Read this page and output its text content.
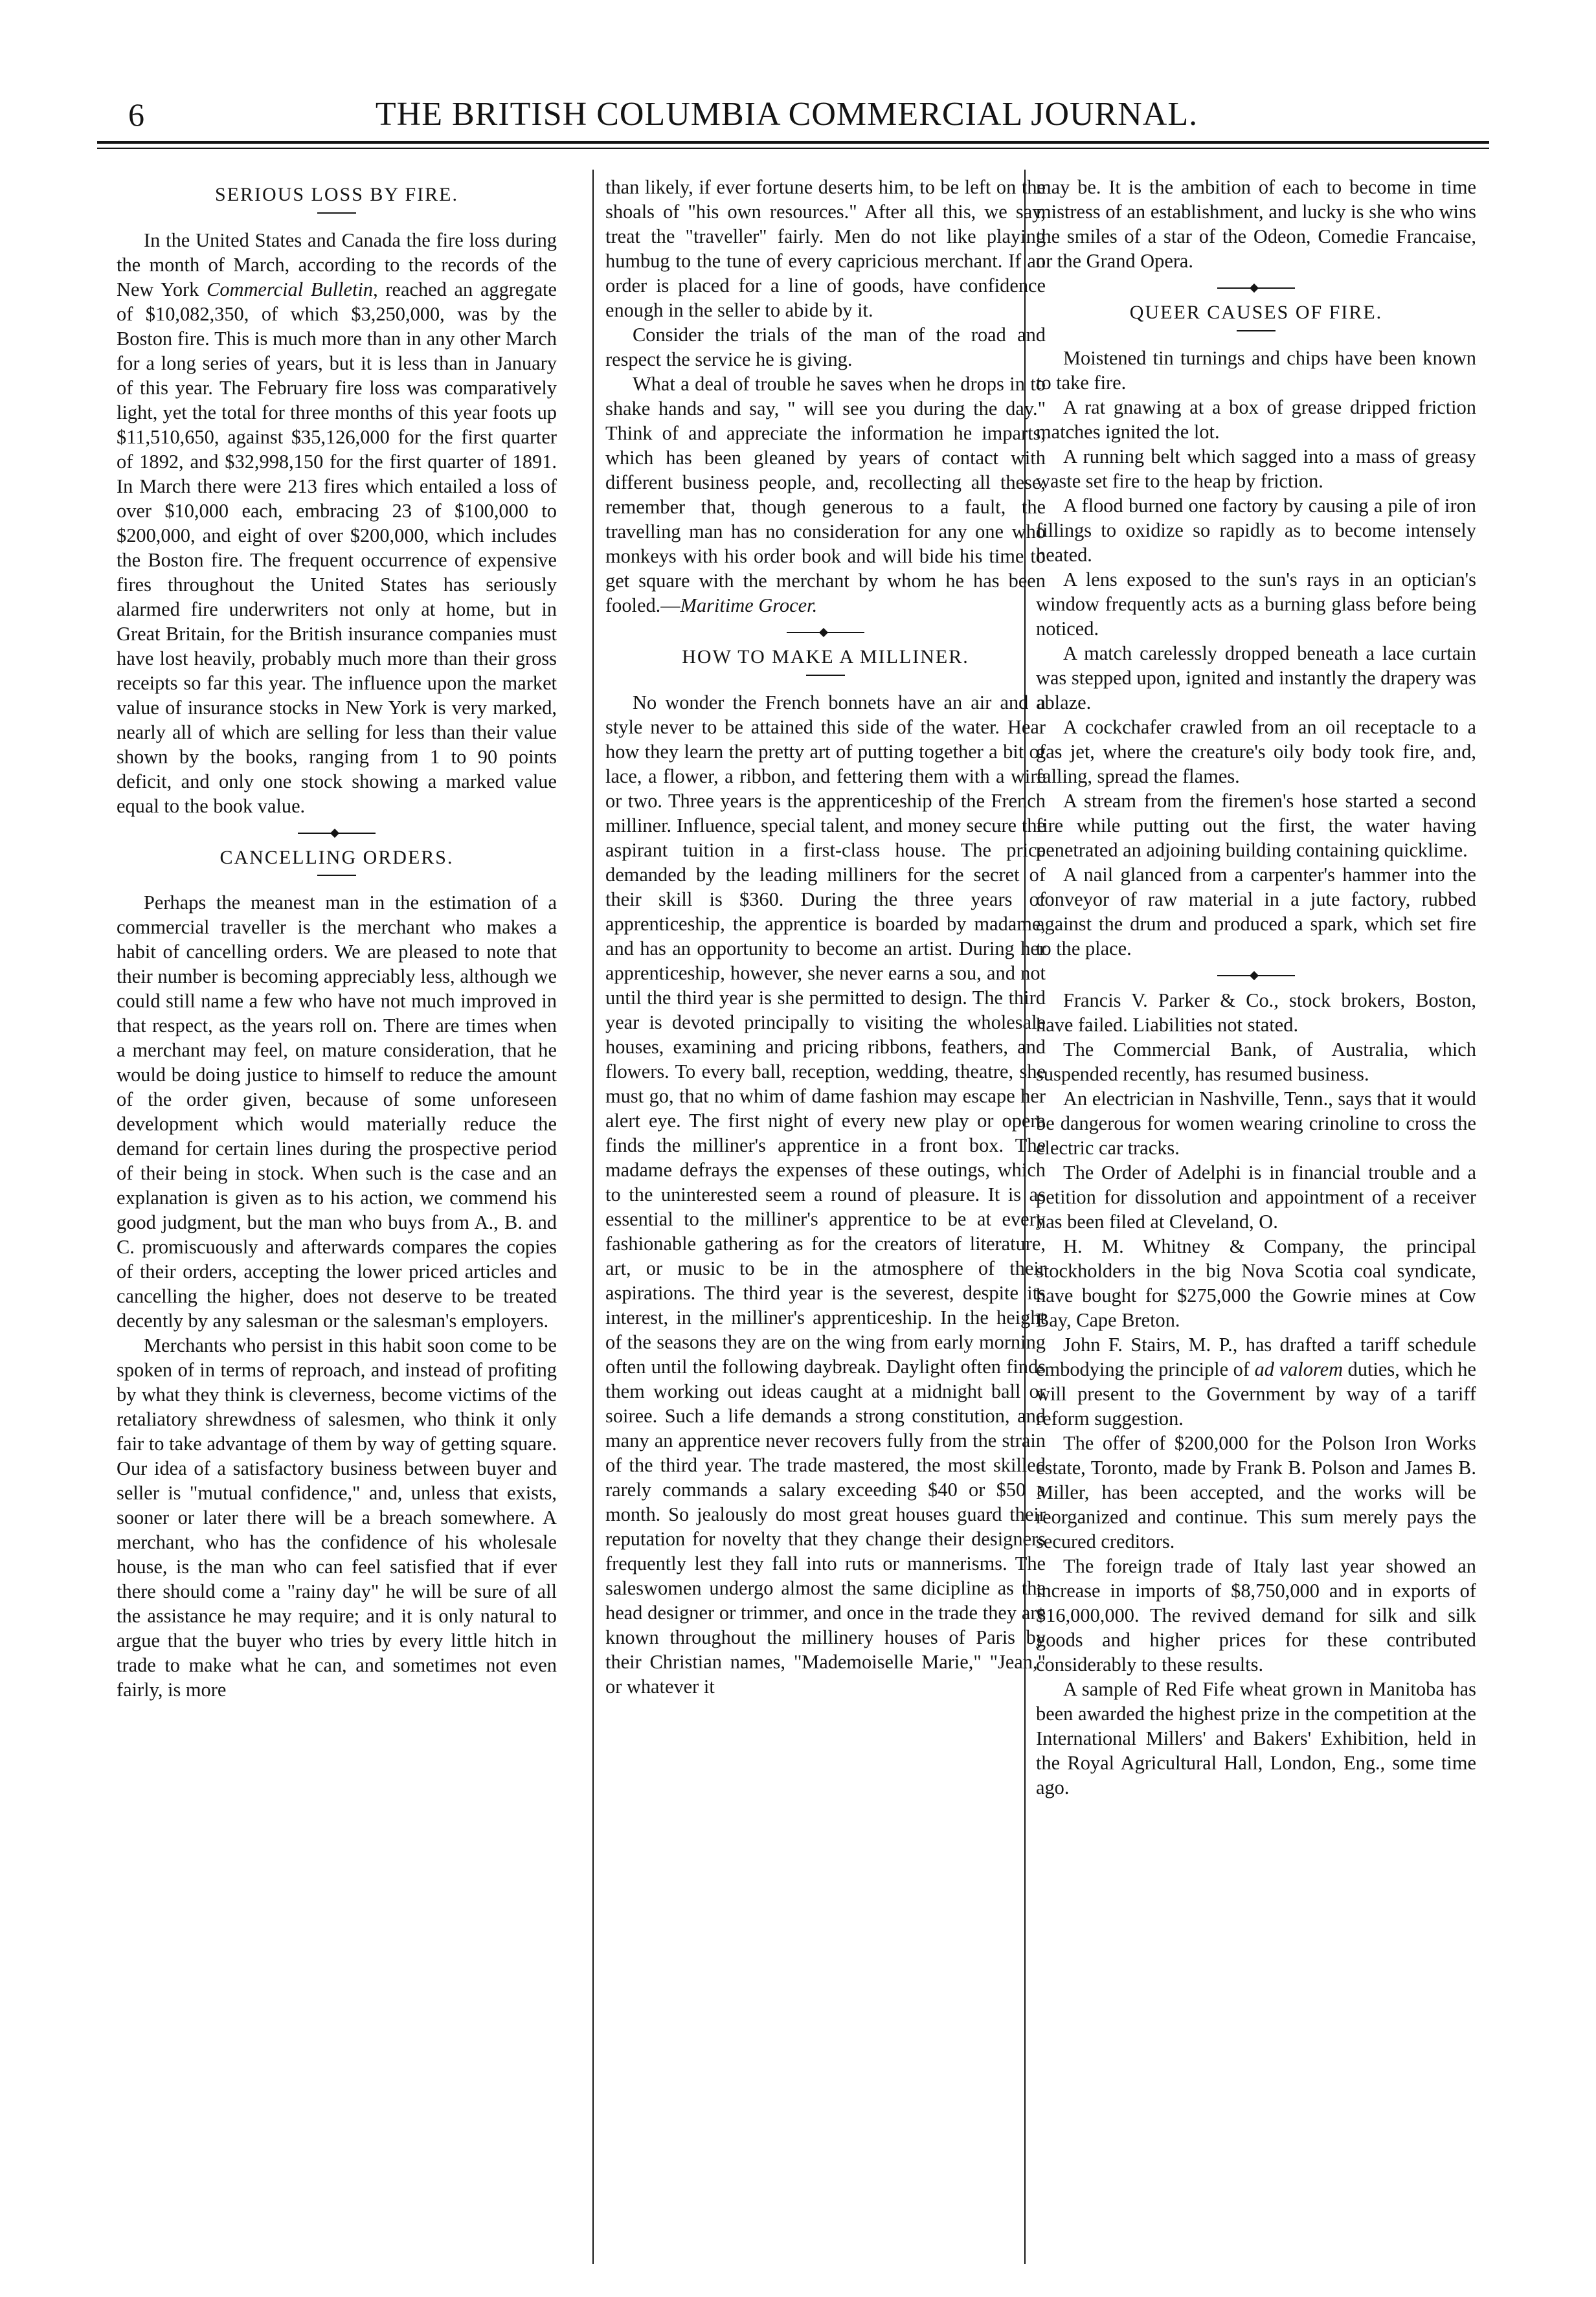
6	THE BRITISH COLUMBIA COMMERCIAL JOURNAL.
SERIOUS LOSS BY FIRE.

In the United States and Canada the fire loss during the month of March, according to the records of the New York Commercial Bulletin, reached an aggregate of $10,082,350, of which $3,250,000, was by the Boston fire. This is much more than in any other March for a long series of years, but it is less than in January of this year. The February fire loss was comparatively light, yet the total for three months of this year foots up $11,510,650, against $35,126,000 for the first quarter of 1892, and $32,998,150 for the first quarter of 1891. In March there were 213 fires which entailed a loss of over $10,000 each, embracing 23 of $100,000 to $200,000, and eight of over $200,000, which includes the Boston fire. The frequent occurrence of expensive fires throughout the United States has seriously alarmed fire underwriters not only at home, but in Great Britain, for the British insurance companies must have lost heavily, probably much more than their gross receipts so far this year. The influence upon the market value of insurance stocks in New York is very marked, nearly all of which are selling for less than their value shown by the books, ranging from 1 to 90 points deficit, and only one stock showing a marked value equal to the book value.

CANCELLING ORDERS.

Perhaps the meanest man in the estimation of a commercial traveller is the merchant who makes a habit of cancelling orders. We are pleased to note that their number is becoming appreciably less, although we could still name a few who have not much improved in that respect, as the years roll on. There are times when a merchant may feel, on mature consideration, that he would be doing justice to himself to reduce the amount of the order given, because of some unforeseen development which would materially reduce the demand for certain lines during the prospective period of their being in stock. When such is the case and an explanation is given as to his action, we commend his good judgment, but the man who buys from A., B. and C. promiscuously and afterwards compares the copies of their orders, accepting the lower priced articles and cancelling the higher, does not deserve to be treated decently by any salesman or the salesman's employers.

Merchants who persist in this habit soon come to be spoken of in terms of reproach, and instead of profiting by what they think is cleverness, become victims of the retaliatory shrewdness of salesmen, who think it only fair to take advantage of them by way of getting square. Our idea of a satisfactory business between buyer and seller is "mutual confidence," and, unless that exists, sooner or later there will be a breach somewhere. A merchant, who has the confidence of his wholesale house, is the man who can feel satisfied that if ever there should come a "rainy day" he will be sure of all the assistance he may require; and it is only natural to argue that the buyer who tries by every little hitch in trade to make what he can, and sometimes not even fairly, is more

than likely, if ever fortune deserts him, to be left on the shoals of "his own resources." After all this, we say, treat the "traveller" fairly. Men do not like playing humbug to the tune of every capricious merchant. If an order is placed for a line of goods, have confidence enough in the seller to abide by it.

Consider the trials of the man of the road and respect the service he is giving.

What a deal of trouble he saves when he drops in to shake hands and say, " will see you during the day." Think of and appreciate the information he imparts, which has been gleaned by years of contact with different business people, and, recollecting all these, remember that, though generous to a fault, the travelling man has no consideration for any one who monkeys with his order book and will bide his time to get square with the merchant by whom he has been fooled.—Maritime Grocer.

HOW TO MAKE A MILLINER.

No wonder the French bonnets have an air and a style never to be attained this side of the water. Hear how they learn the pretty art of putting together a bit of lace, a flower, a ribbon, and fettering them with a wire or two. Three years is the apprenticeship of the French milliner. Influence, special talent, and money secure the aspirant tuition in a first-class house. The price demanded by the leading milliners for the secret of their skill is $360. During the three years of apprenticeship, the apprentice is boarded by madame, and has an opportunity to become an artist. During her apprenticeship, however, she never earns a sou, and not until the third year is she permitted to design. The third year is devoted principally to visiting the wholesale houses, examining and pricing ribbons, feathers, and flowers. To every ball, reception, wedding, theatre, she must go, that no whim of dame fashion may escape her alert eye. The first night of every new play or opera finds the milliner's apprentice in a front box. The madame defrays the expenses of these outings, which to the uninterested seem a round of pleasure. It is as essential to the milliner's apprentice to be at every fashionable gathering as for the creators of literature, art, or music to be in the atmosphere of their aspirations. The third year is the severest, despite its interest, in the milliner's apprenticeship. In the height of the seasons they are on the wing from early morning often until the following daybreak. Daylight often finds them working out ideas caught at a midnight ball or soiree. Such a life demands a strong constitution, and many an apprentice never recovers fully from the strain of the third year. The trade mastered, the most skilled rarely commands a salary exceeding $40 or $50 a month. So jealously do most great houses guard their reputation for novelty that they change their designers frequently lest they fall into ruts or mannerisms. The saleswomen undergo almost the same dicipline as the head designer or trimmer, and once in the trade they are known throughout the millinery houses of Paris by their Christian names, "Mademoiselle Marie," "Jean," or whatever it

may be. It is the ambition of each to become in time mistress of an establishment, and lucky is she who wins the smiles of a star of the Odeon, Comedie Francaise, or the Grand Opera.

QUEER CAUSES OF FIRE.

Moistened tin turnings and chips have been known to take fire.

A rat gnawing at a box of grease dripped friction matches ignited the lot.

A running belt which sagged into a mass of greasy waste set fire to the heap by friction.

A flood burned one factory by causing a pile of iron fillings to oxidize so rapidly as to become intensely heated.

A lens exposed to the sun's rays in an optician's window frequently acts as a burning glass before being noticed.

A match carelessly dropped beneath a lace curtain was stepped upon, ignited and instantly the drapery was ablaze.

A cockchafer crawled from an oil receptacle to a gas jet, where the creature's oily body took fire, and, falling, spread the flames.

A stream from the firemen's hose started a second fire while putting out the first, the water having penetrated an adjoining building containing quicklime.

A nail glanced from a carpenter's hammer into the conveyor of raw material in a jute factory, rubbed against the drum and produced a spark, which set fire to the place.

Francis V. Parker & Co., stock brokers, Boston, have failed. Liabilities not stated.

The Commercial Bank, of Australia, which suspended recently, has resumed business.

An electrician in Nashville, Tenn., says that it would be dangerous for women wearing crinoline to cross the electric car tracks.

The Order of Adelphi is in financial trouble and a petition for dissolution and appointment of a receiver has been filed at Cleveland, O.

H. M. Whitney & Company, the principal stockholders in the big Nova Scotia coal syndicate, have bought for $275,000 the Gowrie mines at Cow Bay, Cape Breton.

John F. Stairs, M. P., has drafted a tariff schedule embodying the principle of ad valorem duties, which he will present to the Government by way of a tariff reform suggestion.

The offer of $200,000 for the Polson Iron Works estate, Toronto, made by Frank B. Polson and James B. Miller, has been accepted, and the works will be reorganized and continue. This sum merely pays the secured creditors.

The foreign trade of Italy last year showed an increase in imports of $8,750,000 and in exports of $16,000,000. The revived demand for silk and silk goods and higher prices for these contributed considerably to these results.

A sample of Red Fife wheat grown in Manitoba has been awarded the highest prize in the competition at the International Millers' and Bakers' Exhibition, held in the Royal Agricultural Hall, London, Eng., some time ago.
